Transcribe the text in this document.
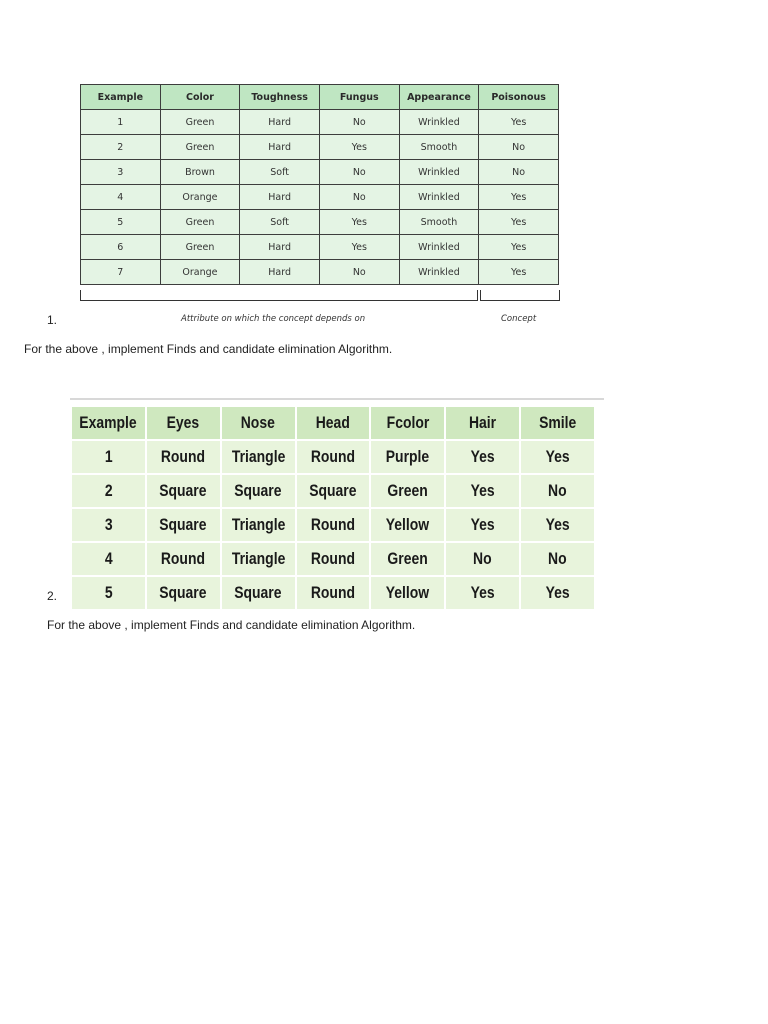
Example	Color	Toughness	Fungus	Appearance	Poisonous
1	Green	Hard	No	Wrinkled	Yes
2	Green	Hard	Yes	Smooth	No
3	Brown	Soft	No	Wrinkled	No
4	Orange	Hard	No	Wrinkled	Yes
5	Green	Soft	Yes	Smooth	Yes
6	Green	Hard	Yes	Wrinkled	Yes
7	Orange	Hard	No	Wrinkled	Yes
1.	Attribute on which the concept depends on	Concept
For the above , implement Finds and candidate elimination Algorithm.
Example	Eyes	Nose	Head	Fcolor	Hair	Smile
1	Round	Triangle	Round	Purple	Yes	Yes
2	Square	Square	Square	Green	Yes	No
3	Square	Triangle	Round	Yellow	Yes	Yes
4	Round	Triangle	Round	Green	No	No
5	Square	Square	Round	Yellow	Yes	Yes
2.
For the above , implement Finds and candidate elimination Algorithm.
